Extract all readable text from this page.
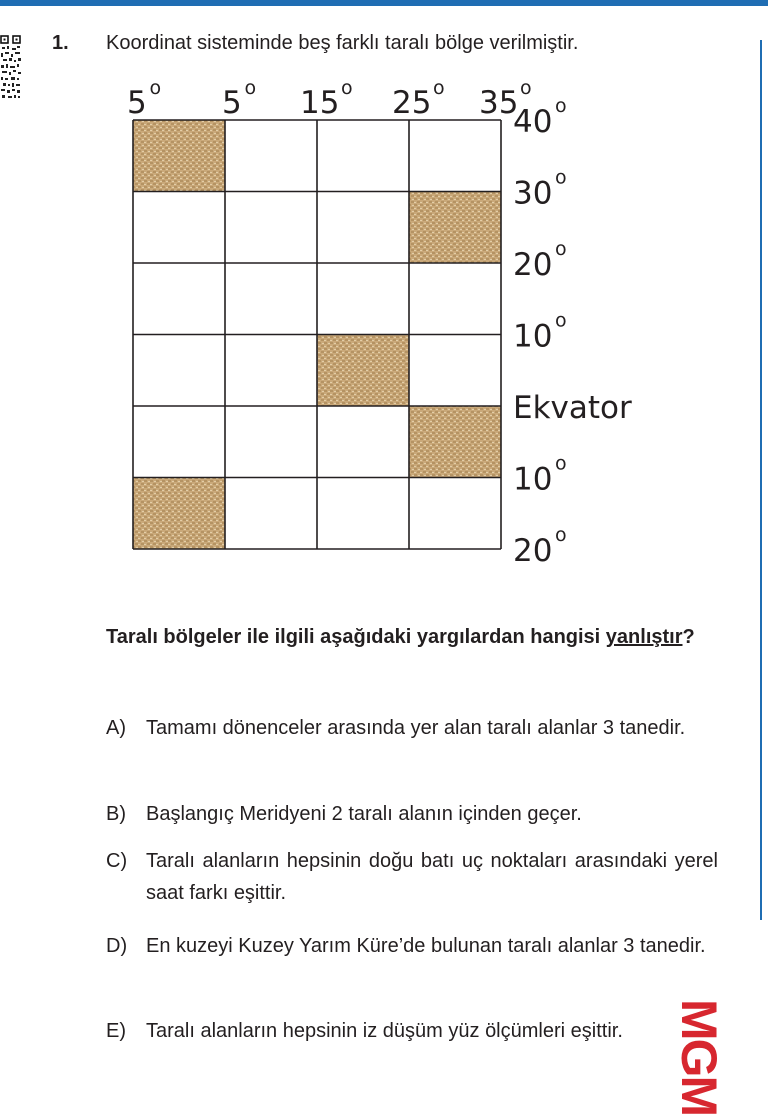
1. Koordinat sisteminde beş farklı taralı bölge verilmiştir.
5 o 5 o 15 o 25 o 35 o
40 o
30 o
20 o
10 o
Ekvator
10 o
20 o
Taralı bölgeler ile ilgili aşağıdaki yargılardan hangisi yanlıştır?
A) Tamamı dönenceler arasında yer alan taralı alanlar 3 tanedir.
B) Başlangıç Meridyeni 2 taralı alanın içinden geçer.
C) Taralı alanların hepsinin doğu batı uç noktaları arasındaki yerel saat farkı eşittir.
D) En kuzeyi Kuzey Yarım Küre’de bulunan taralı alanlar 3 tanedir.
E) Taralı alanların hepsinin iz düşüm yüz ölçümleri eşittir. MGM
